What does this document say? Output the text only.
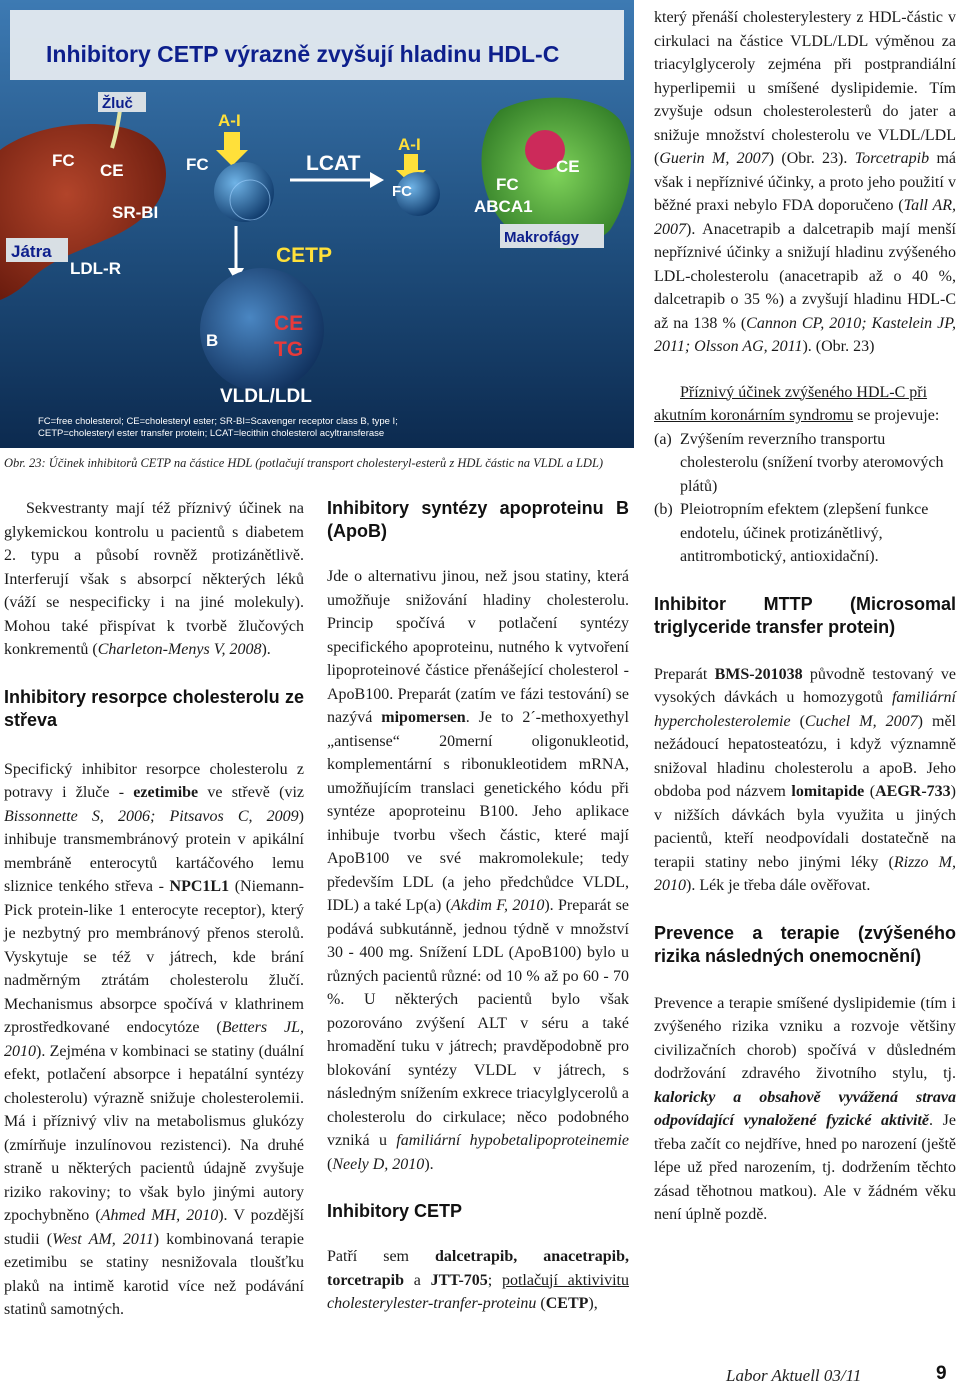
Inhibitory CETP výrazně zvyšují hladinu HDL-C
Žluč
FC
CE
SR-BI
Játra
LDL-R
A-I
FC	LCAT
A-I
FC
CE
FC
ABCA1
Makrofágy
CETP
CE
TG
B
VLDL/LDL
FC=free cholesterol; CE=cholesteryl ester; SR-BI=Scavenger receptor class B, type I;
CETP=cholesteryl ester transfer protein; LCAT=lecithin cholesterol acyltransferase
Obr. 23: Účinek inhibitorů CETP na částice HDL (potlačují transport cholesteryl-esterů z HDL částic na VLDL a LDL)

Sekvestranty mají též příznivý účinek na glykemickou kontrolu u pacientů s diabetem 2. typu a působí rovněž protizánětlivě. Interferují však s absorpcí některých léků (váží se nespecificky i na jiné molekuly). Mohou také přispívat k tvorbě žlučových konkrementů (Charleton-Menys V, 2008).

Inhibitory resorpce cholesterolu ze střeva

Specifický inhibitor resorpce cholesterolu z potravy i žluče - ezetimibe ve střevě (viz Bissonnette S, 2006; Pitsavos C, 2009) inhibuje transmembránový protein v apikální membráně enterocytů kartáčového lemu sliznice tenkého střeva - NPC1L1 (Niemann-Pick protein-like 1 enterocyte receptor), který je nezbytný pro membránový přenos sterolů. Vyskytuje se též v játrech, kde brání nadměrným ztrátám cholesterolu žlučí. Mechanismus absorpce spočívá v klathrinem zprostředkované endocytóze (Betters JL, 2010). Zejména v kombinaci se statiny (duální efekt, potlačení absorpce i hepatální syntézy cholesterolu) výrazně snižuje cholesterolemii. Má i příznivý vliv na metabolismus glukózy (zmírňuje inzulínovou rezistenci). Na druhé straně u některých pacientů údajně zvyšuje riziko rakoviny; to však bylo jinými autory zpochybněno (Ahmed MH, 2010). V pozdější studii (West AM, 2011) kombinovaná terapie ezetimibu se statiny nesnižovala tloušťku plaků na intimě karotid více než podávání statinů samotných.

Inhibitory syntézy apoproteinu B (ApoB)

Jde o alternativu jinou, než jsou statiny, která umožňuje snižování hladiny cholesterolu. Princip spočívá v potlačení syntézy specifického apoproteinu, nutného k vytvoření lipoproteinové částice přenášející cholesterol - ApoB100. Preparát (zatím ve fázi testování) se nazývá mipomersen. Je to 2´-methoxyethyl „antisense“ 20merní oligonukleotid, komplementární s ribonukleotidem mRNA, umožňujícím translaci genetického kódu při syntéze apoproteinu B100. Jeho aplikace inhibuje tvorbu všech částic, které mají ApoB100 ve své makromolekule; tedy především LDL (a jeho předchůdce VLDL, IDL) a také Lp(a) (Akdim F, 2010). Preparát se podává subkutánně, jednou týdně v množství 30 - 400 mg. Snížení LDL (ApoB100) bylo u různých pacientů různé: od 10 % až po 60 - 70 %. U některých pacientů bylo však pozorováno zvýšení ALT v séru a také hromadění tuku v játrech; pravděpodobně pro blokování syntézy VLDL v játrech, s následným snížením exkrece triacylglycerolů a cholesterolu do cirkulace; něco podobného vzniká u familiární hypobetalipoproteinemie (Neely D, 2010).

Inhibitory CETP

Patří sem dalcetrapib, anacetrapib, torcetrapib a JTT-705; potlačují aktivivitu cholesterylester-tranfer-proteinu (CETP),

který přenáší cholesterylestery z HDL-částic v cirkulaci na částice VLDL/LDL výměnou za triacylglyceroly zejména při postprandiální hyperlipemii u smíšené dyslipidemie. Tím zvyšuje odsun cholesterolesterů do jater a snižuje množství cholesterolu ve VLDL/LDL (Guerin M, 2007) (Obr. 23). Torcetrapib má však i nepříznivé účinky, a proto jeho použití v běžné praxi nebylo FDA doporučeno (Tall AR, 2007). Anacetrapib a dalcetrapib mají menší nepříznivé účinky a snižují hladinu zvýšeného LDL-cholesterolu (anacetrapib až o 40 %, dalcetrapib o 35 %) a zvyšují hladinu HDL-C až na 138 % (Cannon CP, 2010; Kastelein JP, 2011; Olsson AG, 2011). (Obr. 23)

Příznivý účinek zvýšeného HDL-C při akutním koronárním syndromu se projevuje:

(a) Zvýšením reverzního transportu cholesterolu (snížení tvorby aterомových plátů)
(b) Pleiotropním efektem (zlepšení funkce endotelu, účinek protizánětlivý, antitrombotický, antioxidační).
Inhibitor MTTP (Microsomal triglyceride transfer protein)

Preparát BMS-201038 původně testovaný ve vysokých dávkách u homozygotů familiární hypercholesterolemie (Cuchel M, 2007) měl nežádoucí hepatosteatózu, i když významně snižoval hladinu cholesterolu a apoB. Jeho obdoba pod názvem lomitapide (AEGR-733) v nižších dávkách byla využita u jiných pacientů, kteří neodpovídali dostatečně na terapii statiny nebo jinými léky (Rizzo M, 2010). Lék je třeba dále ověřovat.

Prevence a terapie (zvýšeného rizika následných onemocnění)

Prevence a terapie smíšené dyslipidemie (tím i zvýšeného rizika vzniku a rozvoje většiny civilizačních chorob) spočívá v důsledném dodržování zdravého životního stylu, tj. kaloricky a obsahově vyvážená strava odpovídající vynaložené fyzické aktivitě. Je třeba začít co nejdříve, hned po narození (ještě lépe už před narozením, tj. dodržením těchto zásad těhotnou matkou). Ale v žádném věku není úplně pozdě.

Labor Aktuell 03/11	9
